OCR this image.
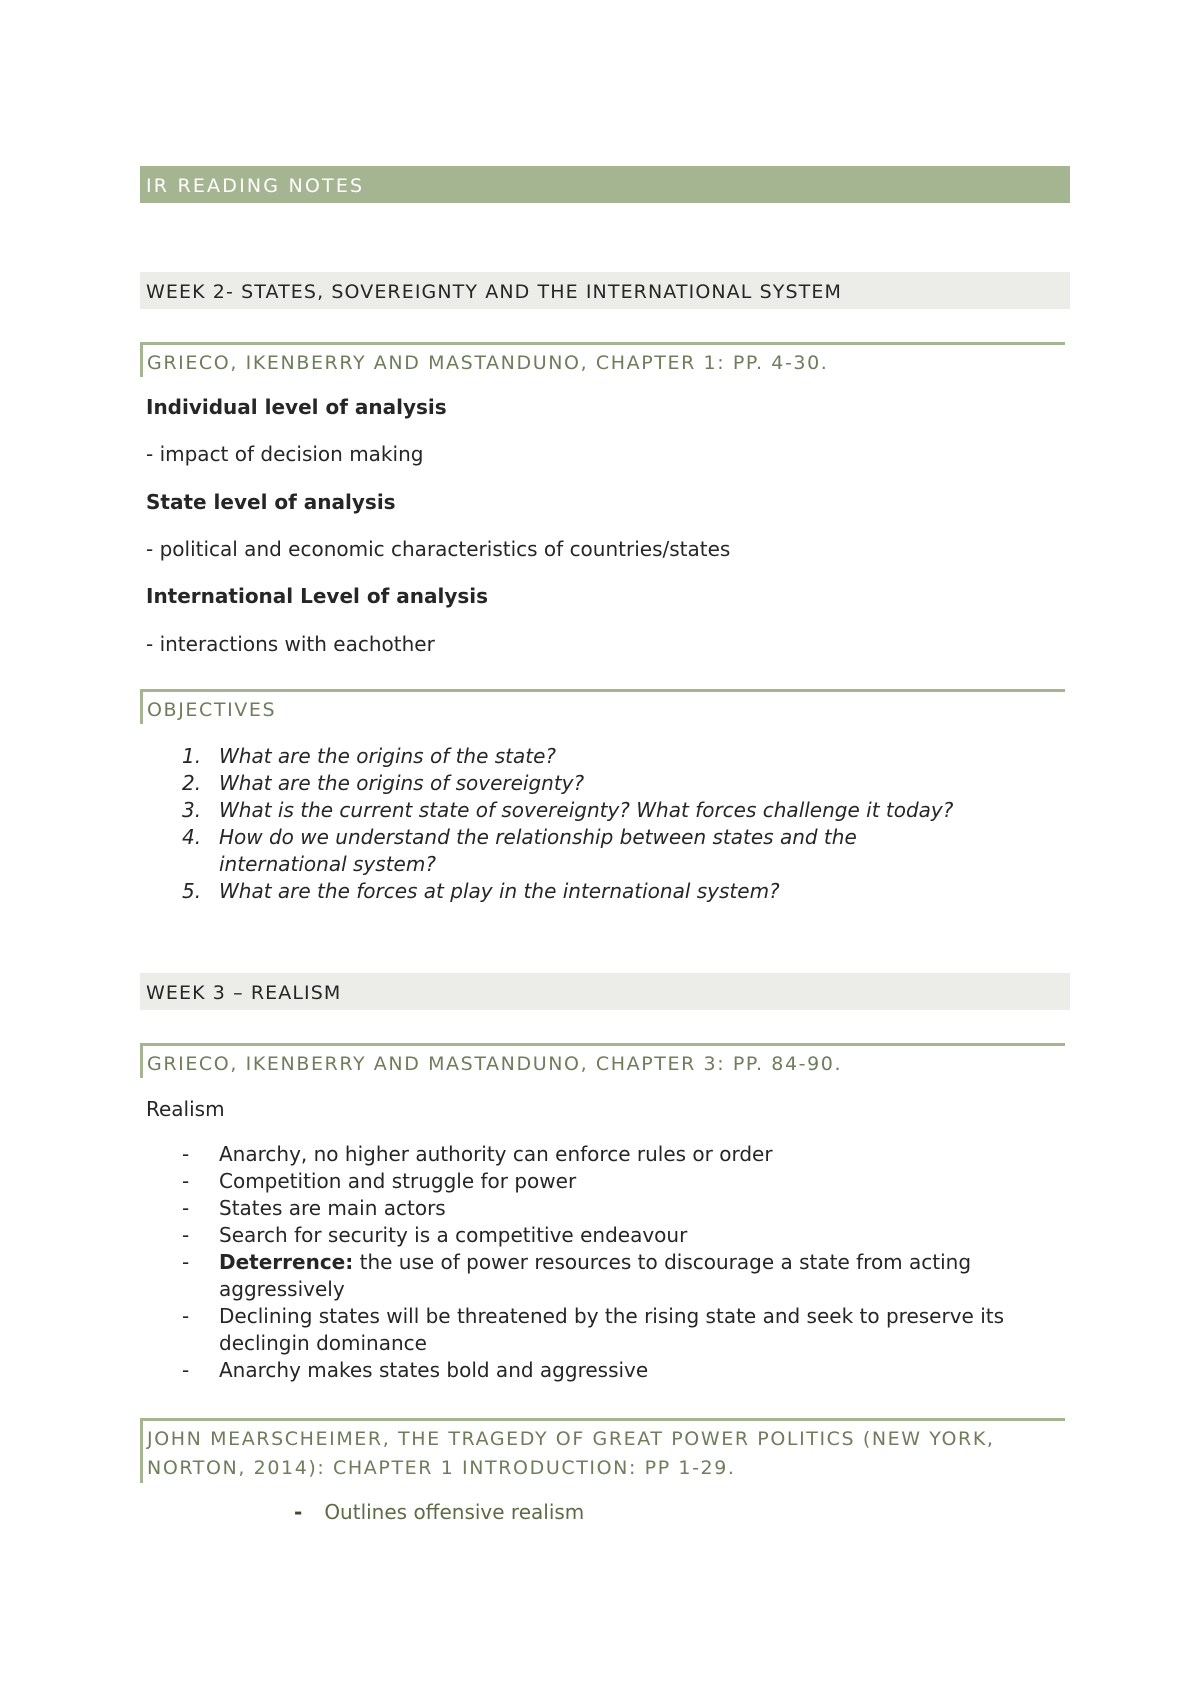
IR READING NOTES
WEEK 2- STATES, SOVEREIGNTY AND THE INTERNATIONAL SYSTEM
GRIECO, IKENBERRY AND MASTANDUNO, CHAPTER 1: PP. 4-30.
Individual level of analysis
- impact of decision making
State level of analysis
- political and economic characteristics of countries/states
International Level of analysis
- interactions with eachother
OBJECTIVES
1. What are the origins of the state?
2. What are the origins of sovereignty?
3. What is the current state of sovereignty? What forces challenge it today?
4. How do we understand the relationship between states and the international system?
5. What are the forces at play in the international system?
WEEK 3 – REALISM
GRIECO, IKENBERRY AND MASTANDUNO, CHAPTER 3: PP. 84-90.
Realism
-	Anarchy, no higher authority can enforce rules or order
-	Competition and struggle for power
-	States are main actors
-	Search for security is a competitive endeavour
-	Deterrence: the use of power resources to discourage a state from acting aggressively
-	Declining states will be threatened by the rising state and seek to preserve its declingin dominance
-	Anarchy makes states bold and aggressive
JOHN MEARSCHEIMER, THE TRAGEDY OF GREAT POWER POLITICS (NEW YORK, NORTON, 2014): CHAPTER 1 INTRODUCTION: PP 1-29.
- Outlines offensive realism
